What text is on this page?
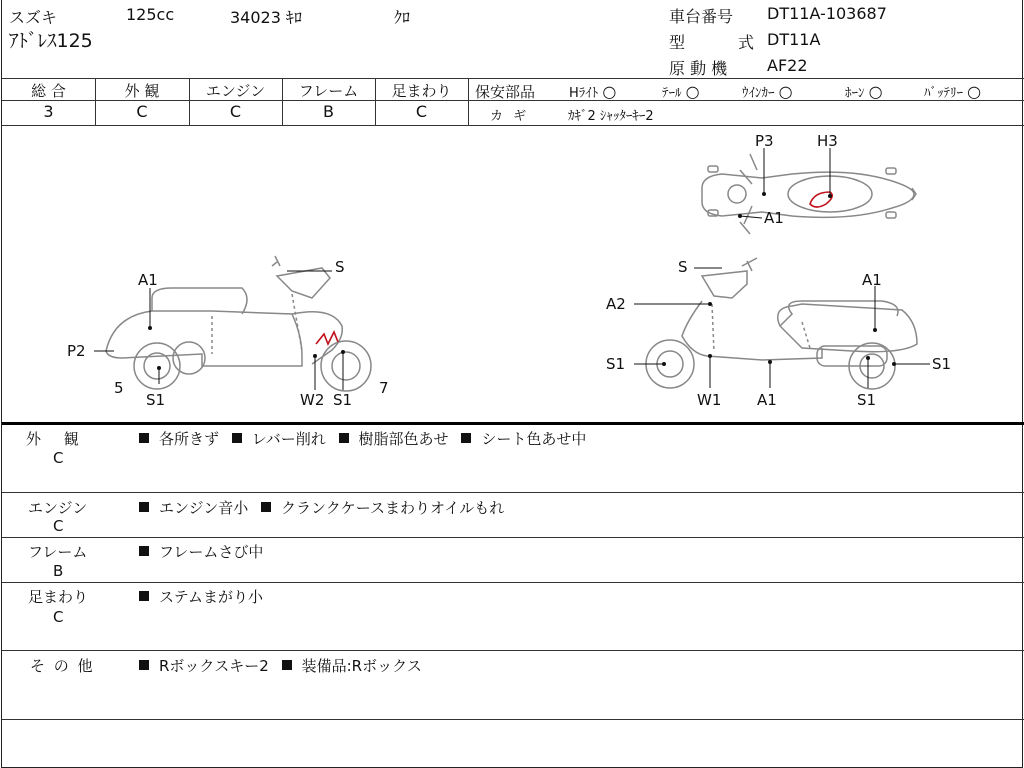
スズキ	125cc	34023 ｷﾛ	ｸﾛ
ｱﾄﾞﾚｽ125
車台番号 DT11A-103687
型	式 DT11A
原 動 機 AF22
総 合	外 観	エンジン	フレーム	足まわり
3	C	C	B	C
保安部品	Hﾗｲﾄ ○	ﾃｰﾙ ○	ｳｲﾝｶｰ ○	ﾎｰﾝ ○	ﾊﾞｯﾃﾘｰ ○
カ ギ	ｶｷﾞ2 ｼｬｯﾀｰｷｰ2
P3	H3
A1
A1
S
P2
5
S1	W2 S1
7
S
A1
A2
S1
W1 A1	S1
S1
外 観
C
各所きず レバー削れ 樹脂部色あせ シート色あせ中
エンジン
C
エンジン音小 クランクケースまわりオイルもれ
フレーム
B
フレームさび中
足まわり
C
ステムまがり小
そ の 他	Rボックスキー2 装備品:Rボックス
